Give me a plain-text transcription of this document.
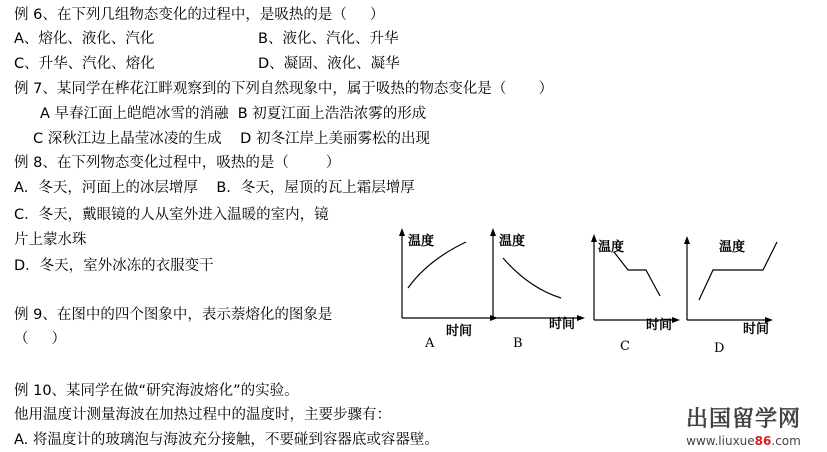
例 6、在下列几组物态变化的过程中，是吸热的是（     ）
A、熔化、液化、汽化	B、液化、汽化、升华
C、升华、汽化、熔化	D、凝固、液化、凝华
例 7、某同学在桦花江畔观察到的下列自然现象中，属于吸热的物态变化是（       ）
A 早春江面上皑皑冰雪的消融  B 初夏江面上浩浩浓雾的形成
C 深秋江边上晶莹冰凌的生成    D 初冬江岸上美丽雾松的出现
例 8、在下列物态变化过程中，吸热的是（        ）
A．冬天，河面上的冰层增厚    B．冬天，屋顶的瓦上霜层增厚
C．冬天，戴眼镜的人从室外进入温暖的室内，镜
片上蒙水珠
D．冬天，室外冰冻的衣服变干
例 9、在图中的四个图象中，表示萘熔化的图象是
（     ）
温度
时间
A
温度
时间
B
温度
时间
C
温度
时间
D
例 10、某同学在做“研究海波熔化”的实验。
他用温度计测量海波在加热过程中的温度时，主要步骤有：
A. 将温度计的玻璃泡与海波充分接触，不要碰到容器底或容器壁。
出国留学网
www.liuxue86.com
